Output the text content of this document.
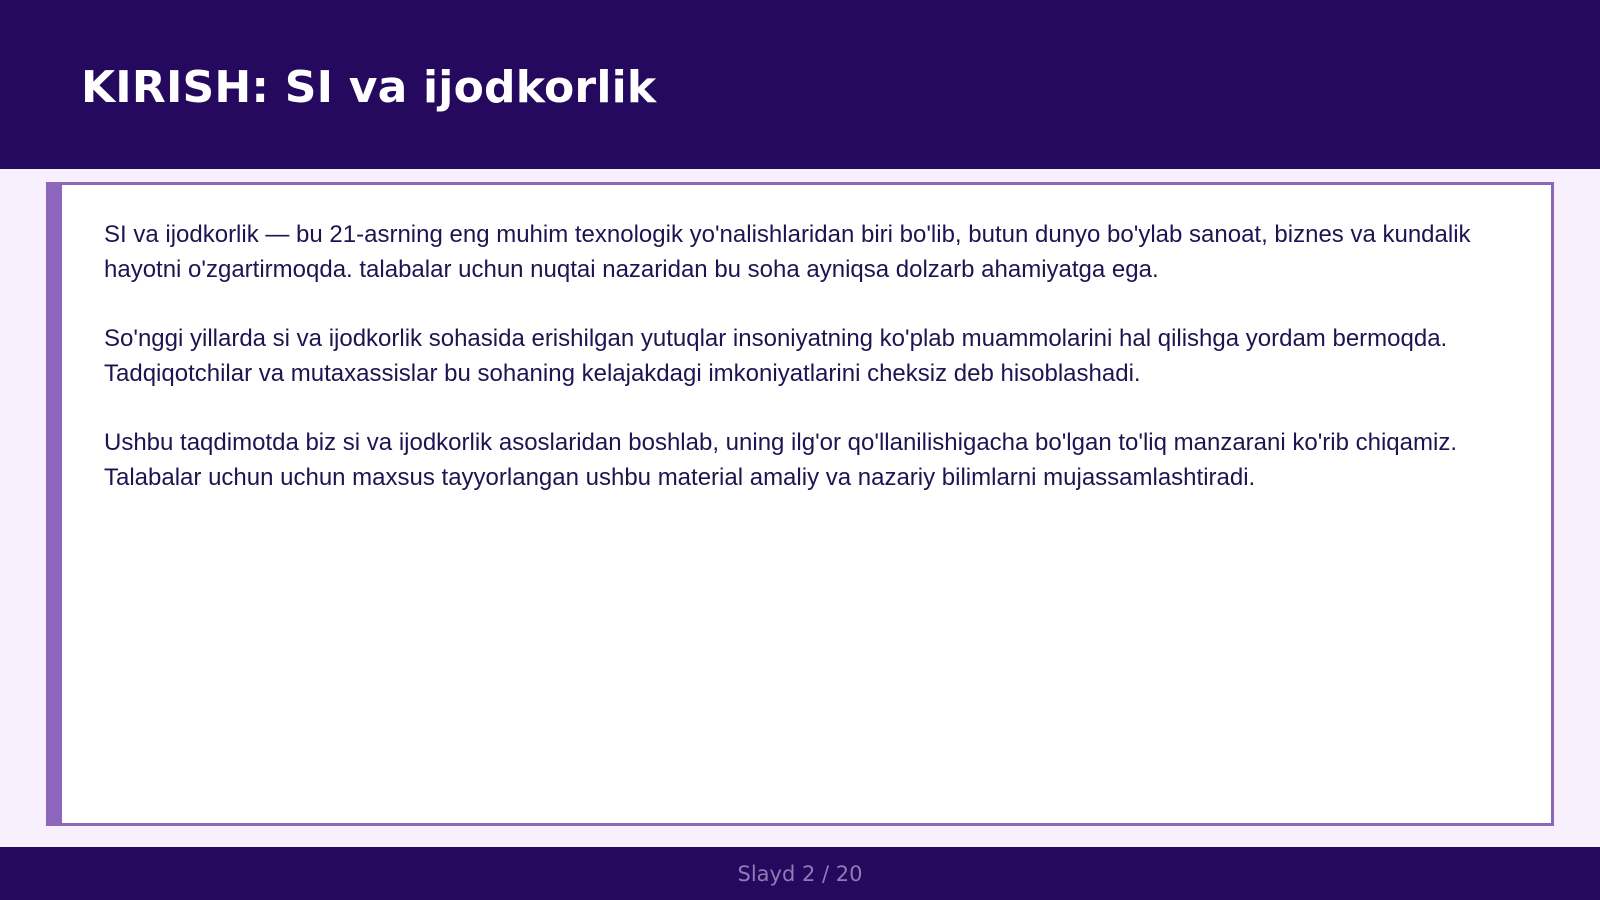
KIRISH: SI va ijodkorlik

SI va ijodkorlik — bu 21-asrning eng muhim texnologik yo'nalishlaridan biri bo'lib, butun dunyo bo'ylab sanoat, biznes va kundalik hayotni o'zgartirmoqda. talabalar uchun nuqtai nazaridan bu soha ayniqsa dolzarb ahamiyatga ega.

So'nggi yillarda si va ijodkorlik sohasida erishilgan yutuqlar insoniyatning ko'plab muammolarini hal qilishga yordam bermoqda. Tadqiqotchilar va mutaxassislar bu sohaning kelajakdagi imkoniyatlarini cheksiz deb hisoblashadi.

Ushbu taqdimotda biz si va ijodkorlik asoslaridan boshlab, uning ilg'or qo'llanilishigacha bo'lgan to'liq manzarani ko'rib chiqamiz. Talabalar uchun uchun maxsus tayyorlangan ushbu material amaliy va nazariy bilimlarni mujassamlashtiradi.

Slayd 2 / 20
